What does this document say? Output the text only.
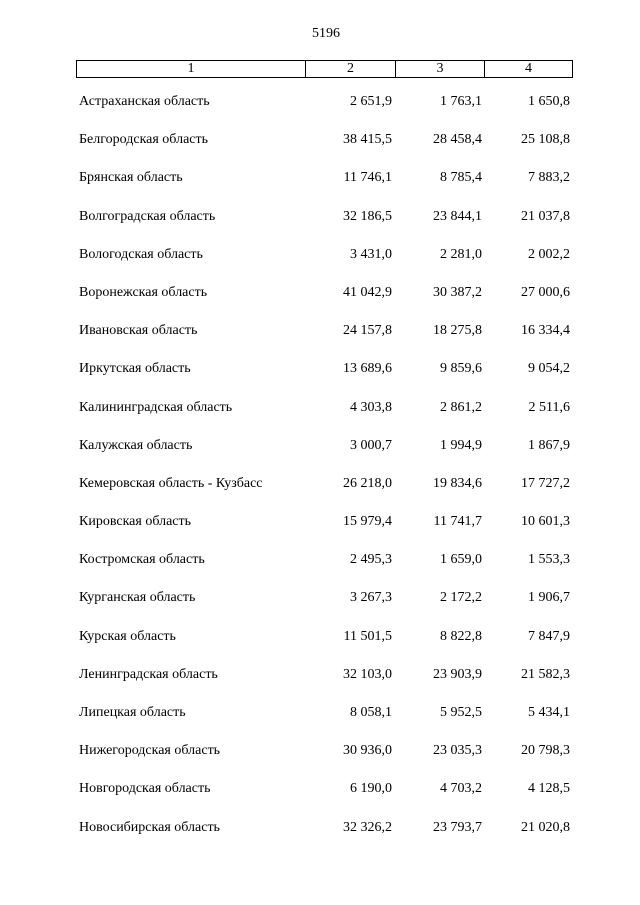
5196
1	2	3	4
Астраханская область	2 651,9	1 763,1	1 650,8
Белгородская область	38 415,5	28 458,4	25 108,8
Брянская область	11 746,1	8 785,4	7 883,2
Волгоградская область	32 186,5	23 844,1	21 037,8
Вологодская область	3 431,0	2 281,0	2 002,2
Воронежская область	41 042,9	30 387,2	27 000,6
Ивановская область	24 157,8	18 275,8	16 334,4
Иркутская область	13 689,6	9 859,6	9 054,2
Калининградская область	4 303,8	2 861,2	2 511,6
Калужская область	3 000,7	1 994,9	1 867,9
Кемеровская область - Кузбасс	26 218,0	19 834,6	17 727,2
Кировская область	15 979,4	11 741,7	10 601,3
Костромская область	2 495,3	1 659,0	1 553,3
Курганская область	3 267,3	2 172,2	1 906,7
Курская область	11 501,5	8 822,8	7 847,9
Ленинградская область	32 103,0	23 903,9	21 582,3
Липецкая область	8 058,1	5 952,5	5 434,1
Нижегородская область	30 936,0	23 035,3	20 798,3
Новгородская область	6 190,0	4 703,2	4 128,5
Новосибирская область	32 326,2	23 793,7	21 020,8
